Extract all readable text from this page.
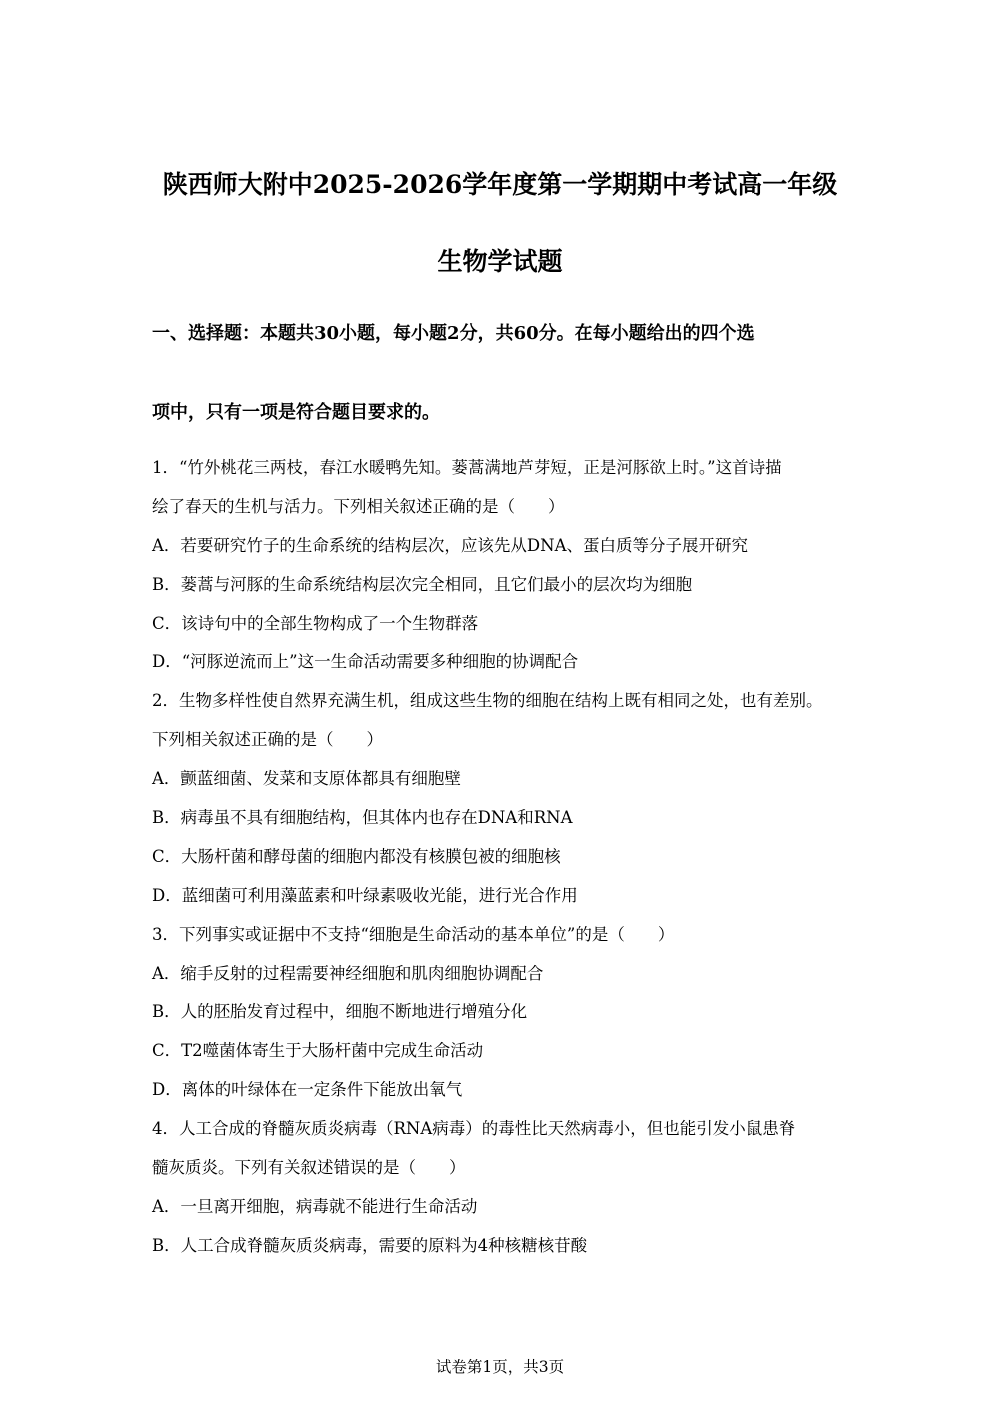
陕西师大附中2025-2026学年度第一学期期中考试高一年级
生物学试题
一、选择题：本题共30小题，每小题2分，共60分。在每小题给出的四个选
项中，只有一项是符合题目要求的。
1．“竹外桃花三两枝，春江水暖鸭先知。蒌蒿满地芦芽短，正是河豚欲上时。”这首诗描
绘了春天的生机与活力。下列相关叙述正确的是（　　）
A．若要研究竹子的生命系统的结构层次，应该先从DNA、蛋白质等分子展开研究
B．蒌蒿与河豚的生命系统结构层次完全相同，且它们最小的层次均为细胞
C．该诗句中的全部生物构成了一个生物群落
D．“河豚逆流而上”这一生命活动需要多种细胞的协调配合
2．生物多样性使自然界充满生机，组成这些生物的细胞在结构上既有相同之处，也有差别。
下列相关叙述正确的是（　　）
A．颤蓝细菌、发菜和支原体都具有细胞壁
B．病毒虽不具有细胞结构，但其体内也存在DNA和RNA
C．大肠杆菌和酵母菌的细胞内都没有核膜包被的细胞核
D．蓝细菌可利用藻蓝素和叶绿素吸收光能，进行光合作用
3．下列事实或证据中不支持“细胞是生命活动的基本单位”的是（　　）
A．缩手反射的过程需要神经细胞和肌肉细胞协调配合
B．人的胚胎发育过程中，细胞不断地进行增殖分化
C．T2噬菌体寄生于大肠杆菌中完成生命活动
D．离体的叶绿体在一定条件下能放出氧气
4．人工合成的脊髓灰质炎病毒（RNA病毒）的毒性比天然病毒小，但也能引发小鼠患脊
髓灰质炎。下列有关叙述错误的是（　　）
A．一旦离开细胞，病毒就不能进行生命活动
B．人工合成脊髓灰质炎病毒，需要的原料为4种核糖核苷酸
试卷第1页，共3页
